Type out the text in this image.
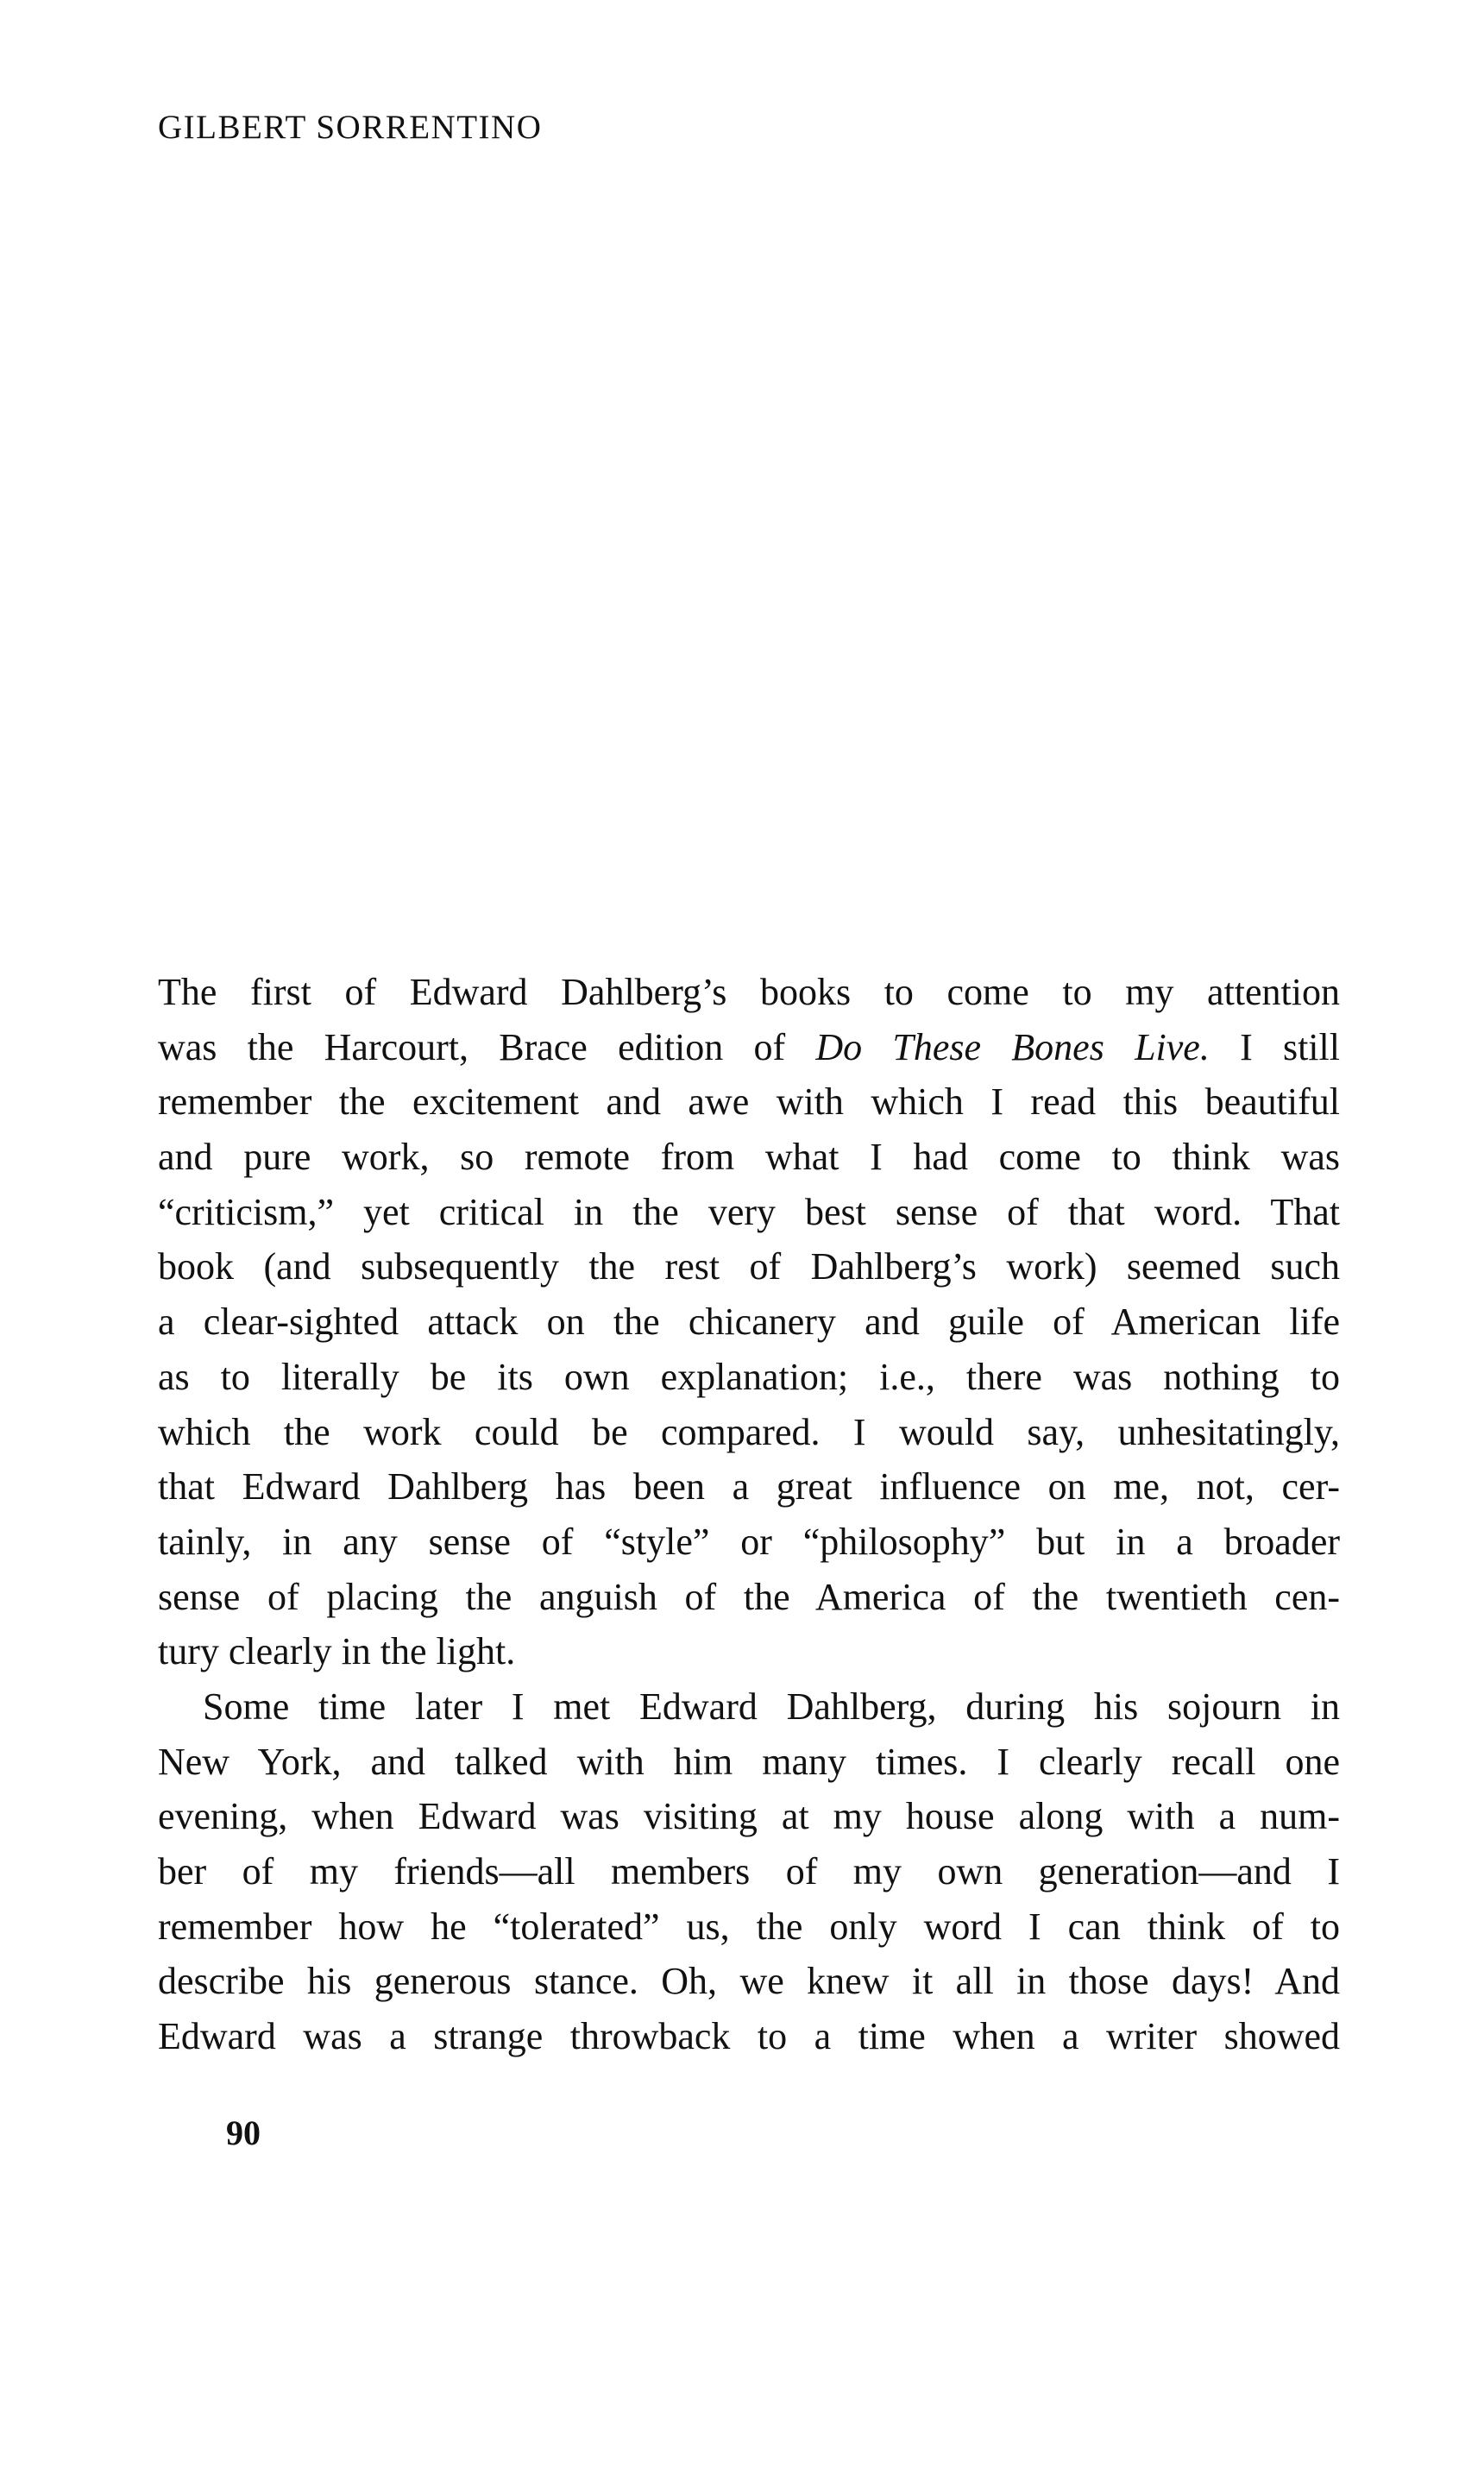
GILBERT SORRENTINO
The first of Edward Dahlberg’s books to come to my attention
was the Harcourt, Brace edition of Do These Bones Live. I still
remember the excitement and awe with which I read this beautiful
and pure work, so remote from what I had come to think was
“criticism,” yet critical in the very best sense of that word. That
book (and subsequently the rest of Dahlberg’s work) seemed such
a clear-sighted attack on the chicanery and guile of American life
as to literally be its own explanation; i.e., there was nothing to
which the work could be compared. I would say, unhesitatingly,
that Edward Dahlberg has been a great influence on me, not, cer-
tainly, in any sense of “style” or “philosophy” but in a broader
sense of placing the anguish of the America of the twentieth cen-
tury clearly in the light.
Some time later I met Edward Dahlberg, during his sojourn in
New York, and talked with him many times. I clearly recall one
evening, when Edward was visiting at my house along with a num-
ber of my friends—all members of my own generation—and I
remember how he “tolerated” us, the only word I can think of to
describe his generous stance. Oh, we knew it all in those days! And
Edward was a strange throwback to a time when a writer showed
90
